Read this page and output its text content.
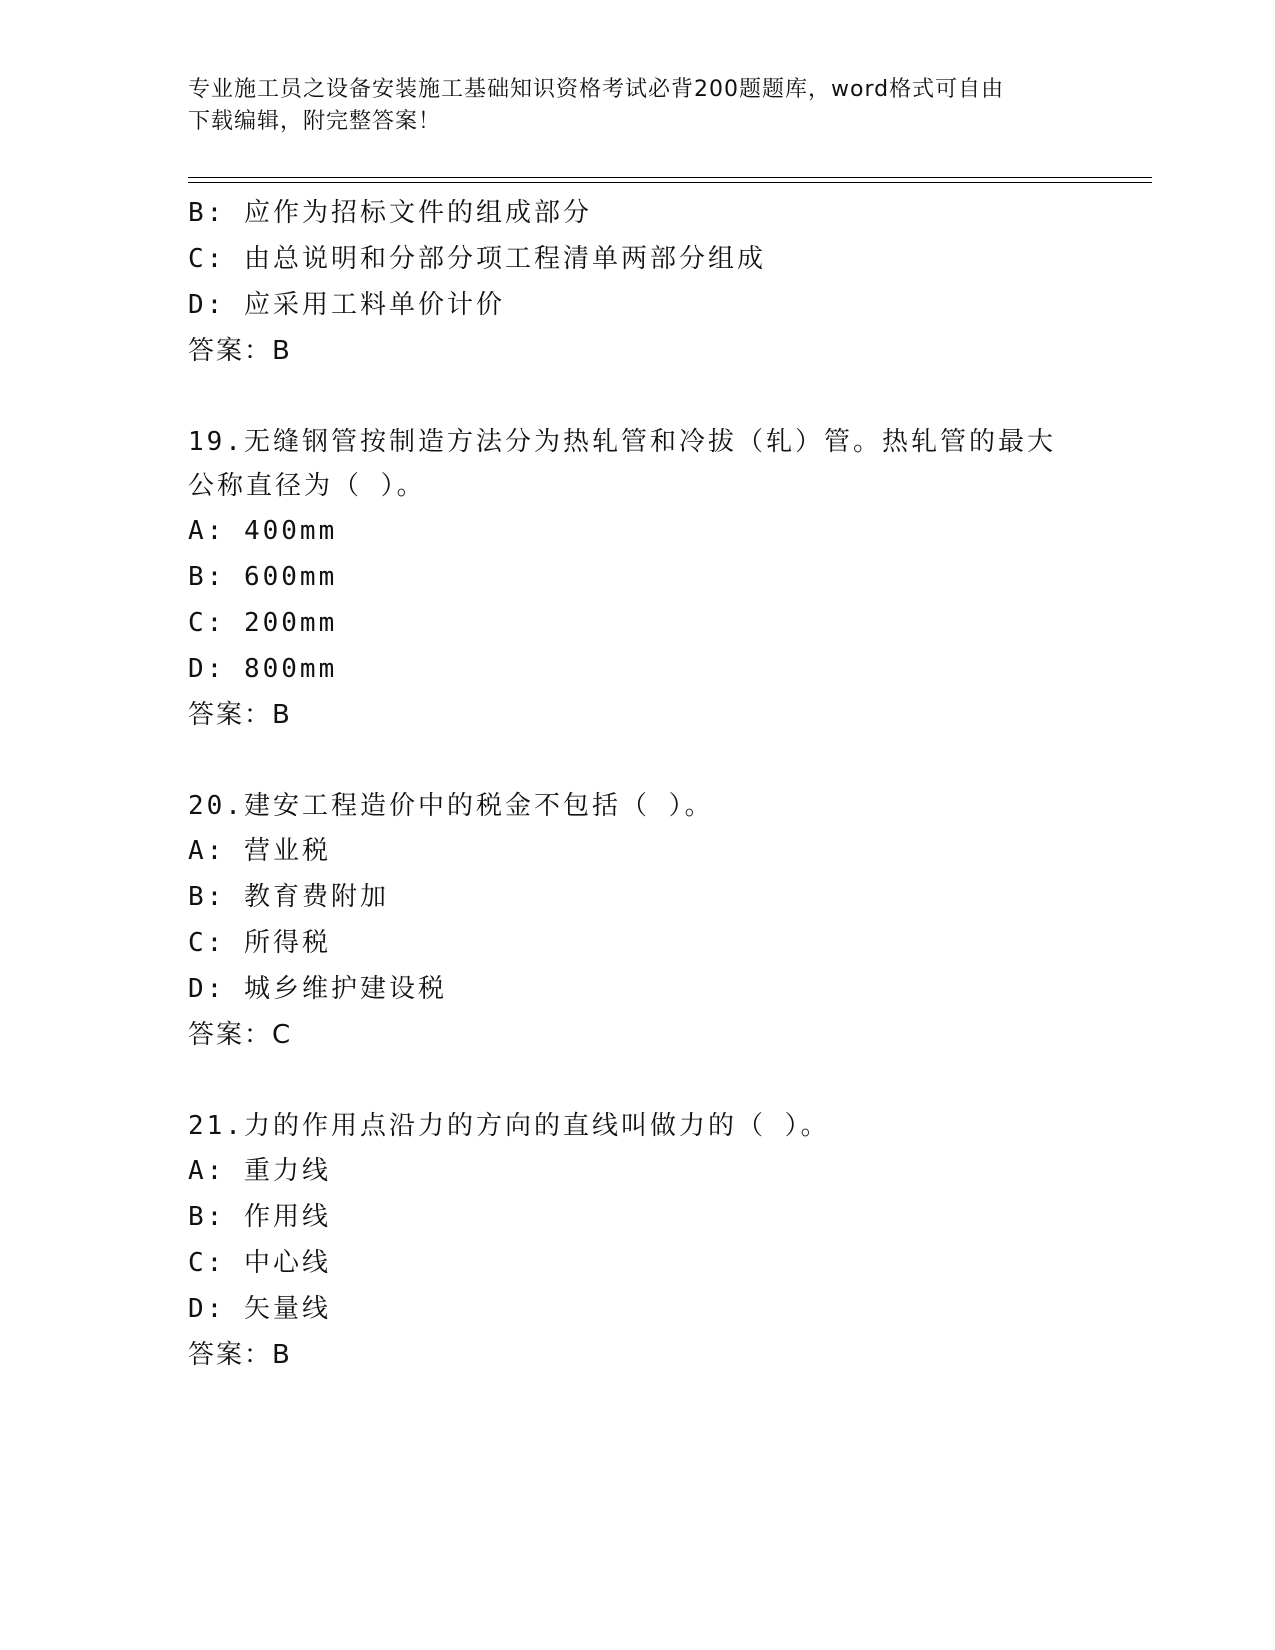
专业施工员之设备安装施工基础知识资格考试必背200题题库，word格式可自由
下载编辑，附完整答案！
B: 应作为招标文件的组成部分
C: 由总说明和分部分项工程清单两部分组成
D: 应采用工料单价计价
答案：B
19.无缝钢管按制造方法分为热轧管和冷拔（轧）管。热轧管的最大公称直径为（ ）。
A: 400mm
B: 600mm
C: 200mm
D: 800mm
答案：B
20.建安工程造价中的税金不包括（ ）。
A: 营业税
B: 教育费附加
C: 所得税
D: 城乡维护建设税
答案：C
21.力的作用点沿力的方向的直线叫做力的（ ）。
A: 重力线
B: 作用线
C: 中心线
D: 矢量线
答案：B
